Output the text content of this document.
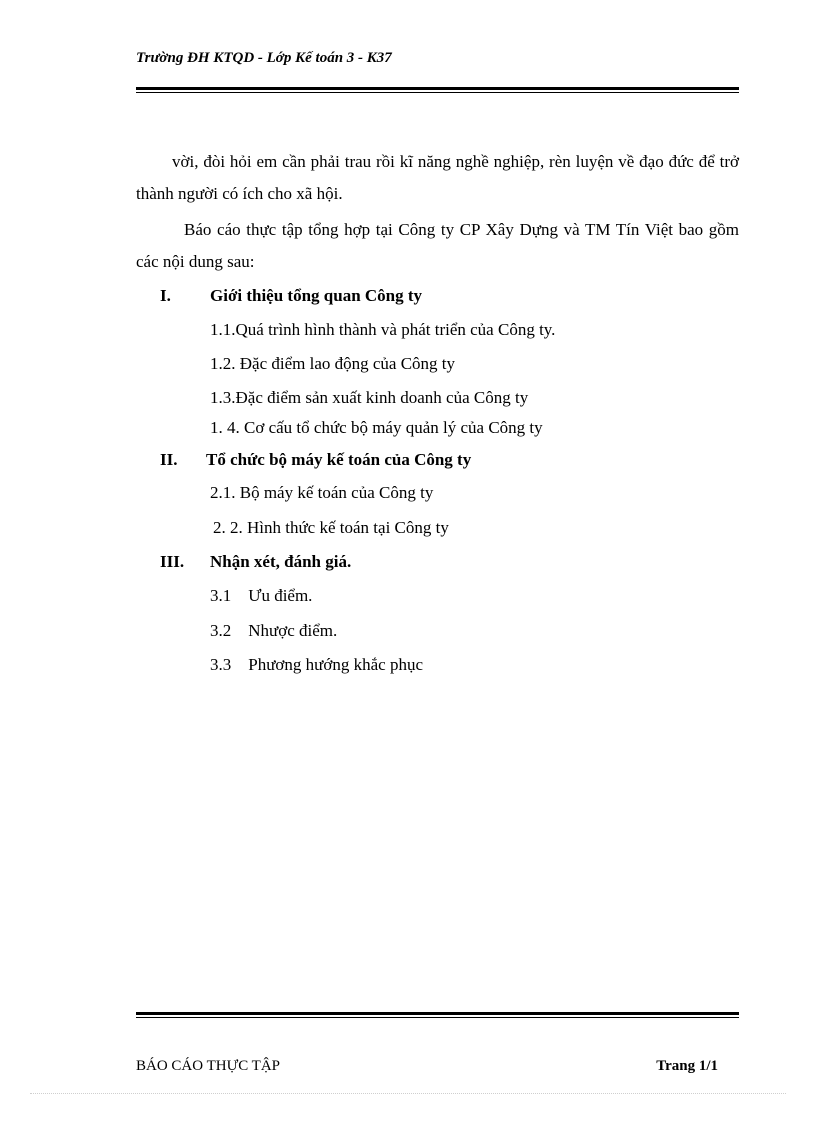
Trường ĐH KTQD - Lớp Kế toán 3 - K37
vời, đòi hỏi em cần phải trau rồi kĩ năng nghề nghiệp, rèn luyện về đạo đức để trở thành người có ích cho xã hội.
Báo cáo thực tập tổng hợp tại Công ty CP Xây Dựng và TM Tín Việt bao gồm các nội dung sau:
I. Giới thiệu tổng quan Công ty
1.1.Quá trình hình thành và phát triển của Công ty.
1.2. Đặc điểm lao động của Công ty
1.3.Đặc điểm sản xuất kinh doanh của Công ty
1. 4. Cơ cấu tổ chức bộ máy quản lý của Công ty
II. Tổ chức bộ máy kế toán của Công ty
2.1. Bộ máy kế toán của Công ty
2. 2. Hình thức kế toán tại Công ty
III. Nhận xét, đánh giá.
3.1    Ưu điểm.
3.2    Nhược điểm.
3.3    Phương hướng khắc phục
BÁO CÁO THỰC TẬP	Trang 1/1
